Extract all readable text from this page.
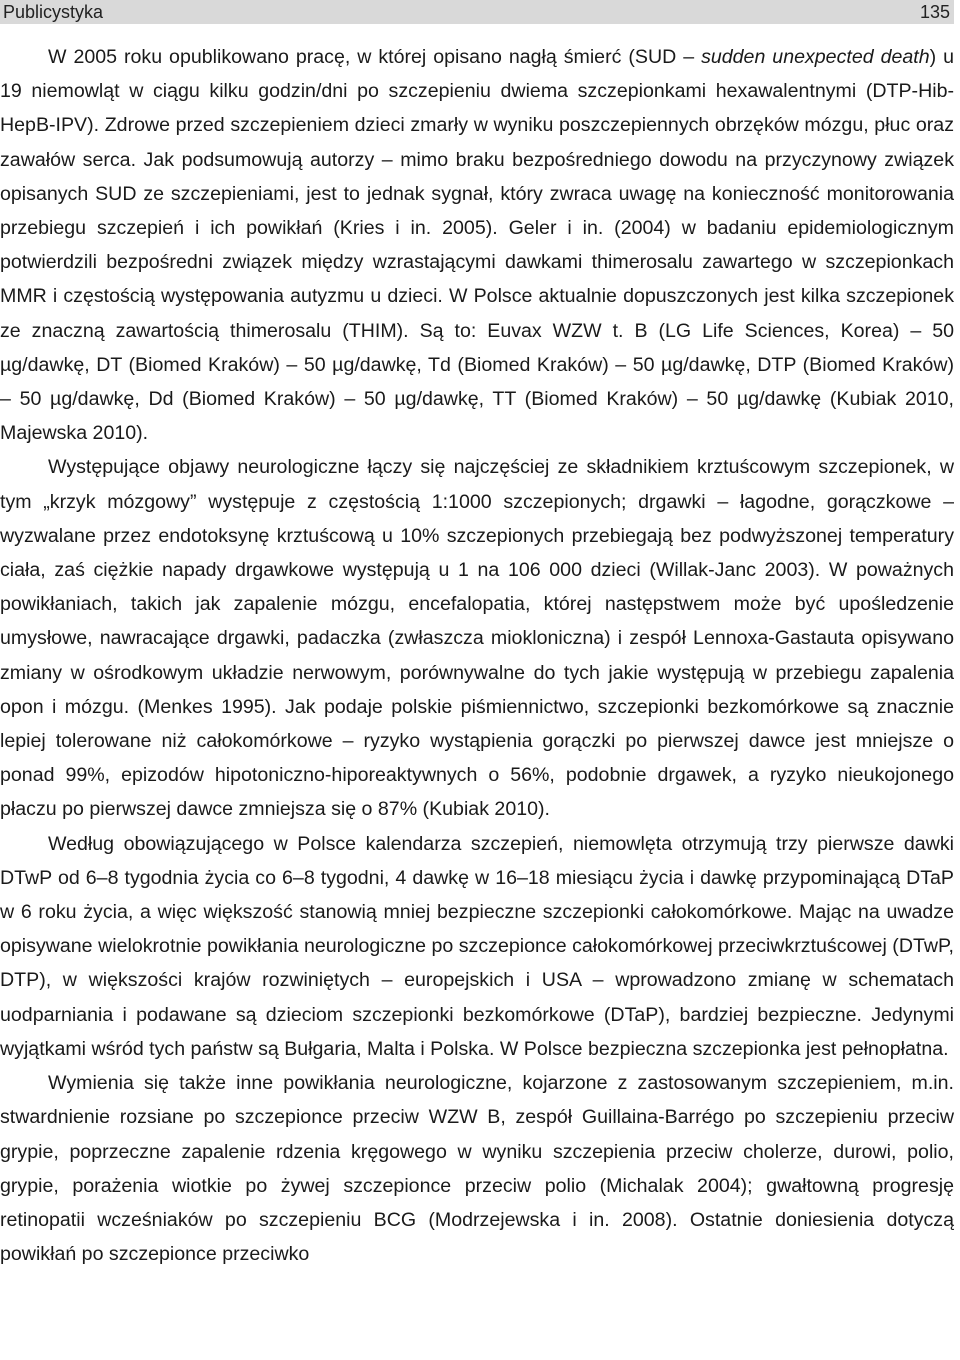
Publicystyka	135

W 2005 roku opublikowano pracę, w której opisano nagłą śmierć (SUD – sudden unexpected death) u 19 niemowląt w ciągu kilku godzin/dni po szczepieniu dwiema szczepionkami hexawalentnymi (DTP-Hib-HepB-IPV). Zdrowe przed szczepieniem dzieci zmarły w wyniku poszczepiennych obrzęków mózgu, płuc oraz zawałów serca. Jak podsumowują autorzy – mimo braku bezpośredniego dowodu na przyczynowy związek opisanych SUD ze szczepieniami, jest to jednak sygnał, który zwraca uwagę na konieczność monitorowania przebiegu szczepień i ich powikłań (Kries i in. 2005). Geler i in. (2004) w badaniu epidemiologicznym potwierdzili bezpośredni związek między wzrastającymi dawkami thimerosalu zawartego w szczepionkach MMR i częstością występowania autyzmu u dzieci. W Polsce aktualnie dopuszczonych jest kilka szczepionek ze znaczną zawartością thimerosalu (THIM). Są to: Euvax WZW t. B (LG Life Sciences, Korea) – 50 µg/dawkę, DT (Biomed Kraków) – 50 µg/dawkę, Td (Biomed Kraków) – 50 µg/dawkę, DTP (Biomed Kraków) – 50 µg/dawkę, Dd (Biomed Kraków) – 50 µg/dawkę, TT (Biomed Kraków) – 50 µg/dawkę (Kubiak 2010, Majewska 2010).

Występujące objawy neurologiczne łączy się najczęściej ze składnikiem krztuścowym szczepionek, w tym „krzyk mózgowy” występuje z częstością 1:1000 szczepionych; drgawki – łagodne, gorączkowe – wyzwalane przez endotoksynę krztuścową u 10% szczepionych przebiegają bez podwyższonej temperatury ciała, zaś ciężkie napady drgawkowe występują u 1 na 106 000 dzieci (Willak-Janc 2003). W poważnych powikłaniach, takich jak zapalenie mózgu, encefalopatia, której następstwem może być upośledzenie umysłowe, nawracające drgawki, padaczka (zwłaszcza miokloniczna) i zespół Lennoxa-Gastauta opisywano zmiany w ośrodkowym układzie nerwowym, porównywalne do tych jakie występują w przebiegu zapalenia opon i mózgu. (Menkes 1995). Jak podaje polskie piśmiennictwo, szczepionki bezkomórkowe są znacznie lepiej tolerowane niż całokomórkowe – ryzyko wystąpienia gorączki po pierwszej dawce jest mniejsze o ponad 99%, epizodów hipotoniczno-hiporeaktywnych o 56%, podobnie drgawek, a ryzyko nieukojonego płaczu po pierwszej dawce zmniejsza się o 87% (Kubiak 2010).

Według obowiązującego w Polsce kalendarza szczepień, niemowlęta otrzymują trzy pierwsze dawki DTwP od 6–8 tygodnia życia co 6–8 tygodni, 4 dawkę w 16–18 miesiącu życia i dawkę przypominającą DTaP w 6 roku życia, a więc większość stanowią mniej bezpieczne szczepionki całokomórkowe. Mając na uwadze opisywane wielokrotnie powikłania neurologiczne po szczepionce całokomórkowej przeciwkrztuścowej (DTwP, DTP), w większości krajów rozwiniętych – europejskich i USA – wprowadzono zmianę w schematach uodparniania i podawane są dzieciom szczepionki bezkomórkowe (DTaP), bardziej bezpieczne. Jedynymi wyjątkami wśród tych państw są Bułgaria, Malta i Polska. W Polsce bezpieczna szczepionka jest pełnopłatna.

Wymienia się także inne powikłania neurologiczne, kojarzone z zastosowanym szczepieniem, m.in. stwardnienie rozsiane po szczepionce przeciw WZW B, zespół Guillaina-Barrégo po szczepieniu przeciw grypie, poprzeczne zapalenie rdzenia kręgowego w wyniku szczepienia przeciw cholerze, durowi, polio, grypie, porażenia wiotkie po żywej szczepionce przeciw polio (Michalak 2004); gwałtowną progresję retinopatii wcześniaków po szczepieniu BCG (Modrzejewska i in. 2008). Ostatnie doniesienia dotyczą powikłań po szczepionce przeciwko
